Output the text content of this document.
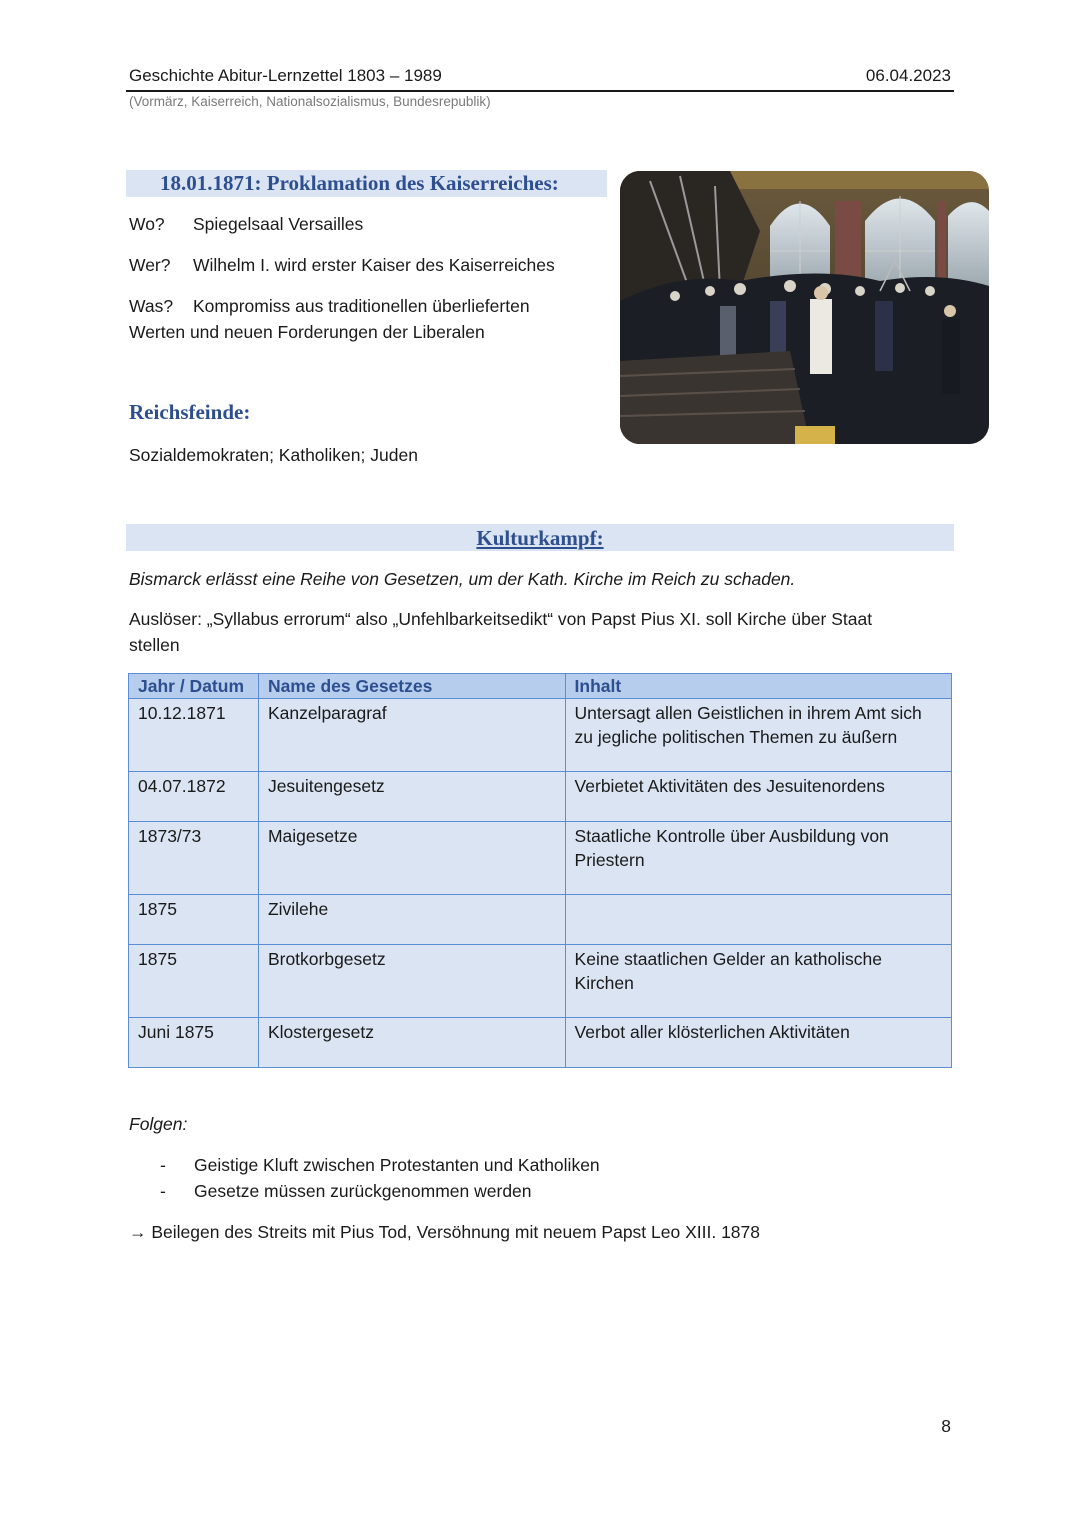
Geschichte Abitur-Lernzettel 1803 – 1989	06.04.2023
(Vormärz, Kaiserreich, Nationalsozialismus, Bundesrepublik)
18.01.1871: Proklamation des Kaiserreiches:
Wo? Spiegelsaal Versailles
Wer? Wilhelm I. wird erster Kaiser des Kaiserreiches
Was? Kompromiss aus traditionellen überlieferten
Werten und neuen Forderungen der Liberalen
Reichsfeinde:
Sozialdemokraten; Katholiken; Juden
Kulturkampf:
Bismarck erlässt eine Reihe von Gesetzen, um der Kath. Kirche im Reich zu schaden.
Auslöser: „Syllabus errorum“ also „Unfehlbarkeitsedikt“ von Papst Pius XI. soll Kirche über Staat
stellen
Jahr / Datum	Name des Gesetzes	Inhalt
10.12.1871	Kanzelparagraf	Untersagt allen Geistlichen in ihrem Amt sich zu jegliche politischen Themen zu äußern
04.07.1872	Jesuitengesetz	Verbietet Aktivitäten des Jesuitenordens
1873/73	Maigesetze	Staatliche Kontrolle über Ausbildung von Priestern
1875	Zivilehe	
1875	Brotkorbgesetz	Keine staatlichen Gelder an katholische Kirchen
Juni 1875	Klostergesetz	Verbot aller klösterlichen Aktivitäten
Folgen:
- Geistige Kluft zwischen Protestanten und Katholiken
- Gesetze müssen zurückgenommen werden
→ Beilegen des Streits mit Pius Tod, Versöhnung mit neuem Papst Leo XIII. 1878
8
